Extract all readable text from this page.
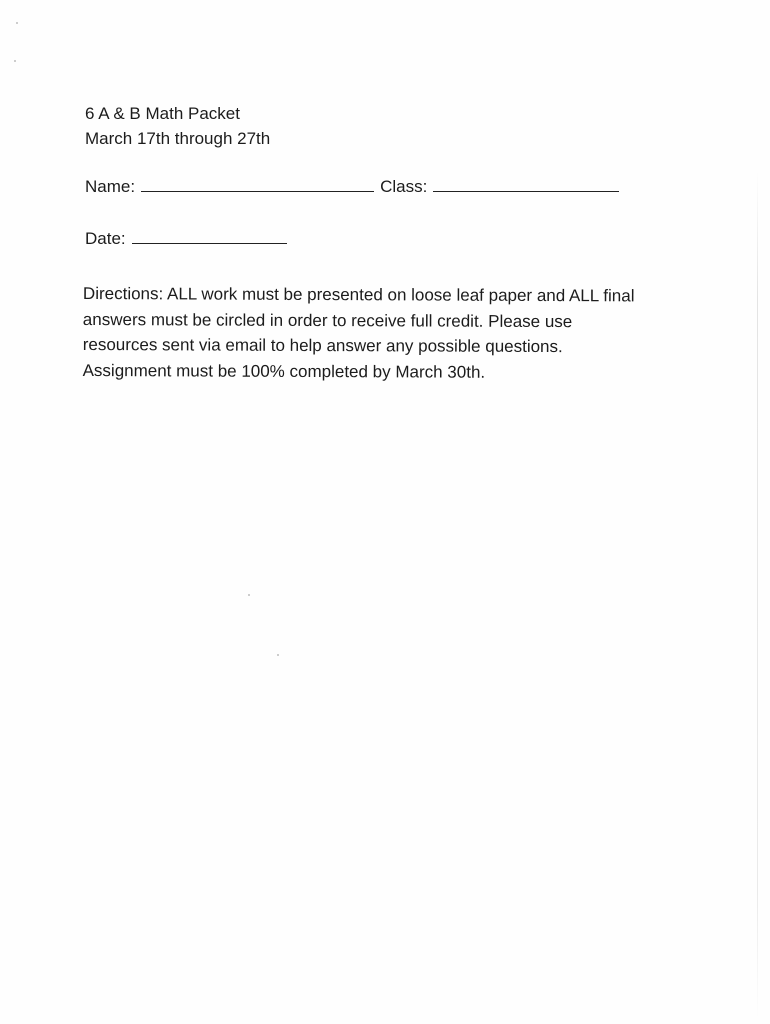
6 A & B Math Packet
March 17th through 27th
Name:	Class:
Date:
Directions: ALL work must be presented on loose leaf paper and ALL final
answers must be circled in order to receive full credit. Please use
resources sent via email to help answer any possible questions.
Assignment must be 100% completed by March 30th.
